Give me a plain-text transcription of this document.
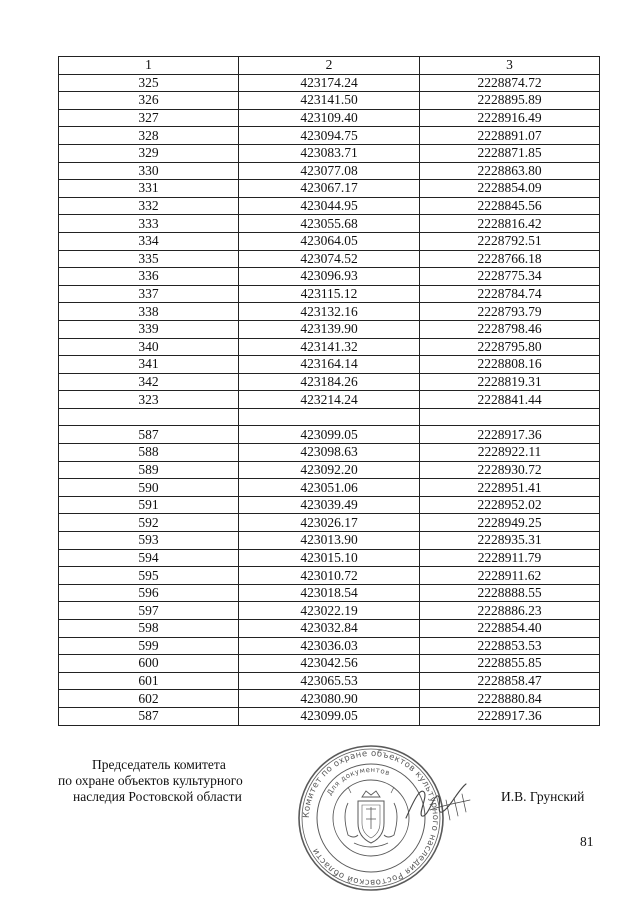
1	2	3
325	423174.24	2228874.72
326	423141.50	2228895.89
327	423109.40	2228916.49
328	423094.75	2228891.07
329	423083.71	2228871.85
330	423077.08	2228863.80
331	423067.17	2228854.09
332	423044.95	2228845.56
333	423055.68	2228816.42
334	423064.05	2228792.51
335	423074.52	2228766.18
336	423096.93	2228775.34
337	423115.12	2228784.74
338	423132.16	2228793.79
339	423139.90	2228798.46
340	423141.32	2228795.80
341	423164.14	2228808.16
342	423184.26	2228819.31
323	423214.24	2228841.44

587	423099.05	2228917.36
588	423098.63	2228922.11
589	423092.20	2228930.72
590	423051.06	2228951.41
591	423039.49	2228952.02
592	423026.17	2228949.25
593	423013.90	2228935.31
594	423015.10	2228911.79
595	423010.72	2228911.62
596	423018.54	2228888.55
597	423022.19	2228886.23
598	423032.84	2228854.40
599	423036.03	2228853.53
600	423042.56	2228855.85
601	423065.53	2228858.47
602	423080.90	2228880.84
587	423099.05	2228917.36
Председатель комитета
по охране объектов культурного
наследия Ростовской области
Комитет по охране объектов культурного наследия Ростовской области
Для документов
И.В. Грунский
81
